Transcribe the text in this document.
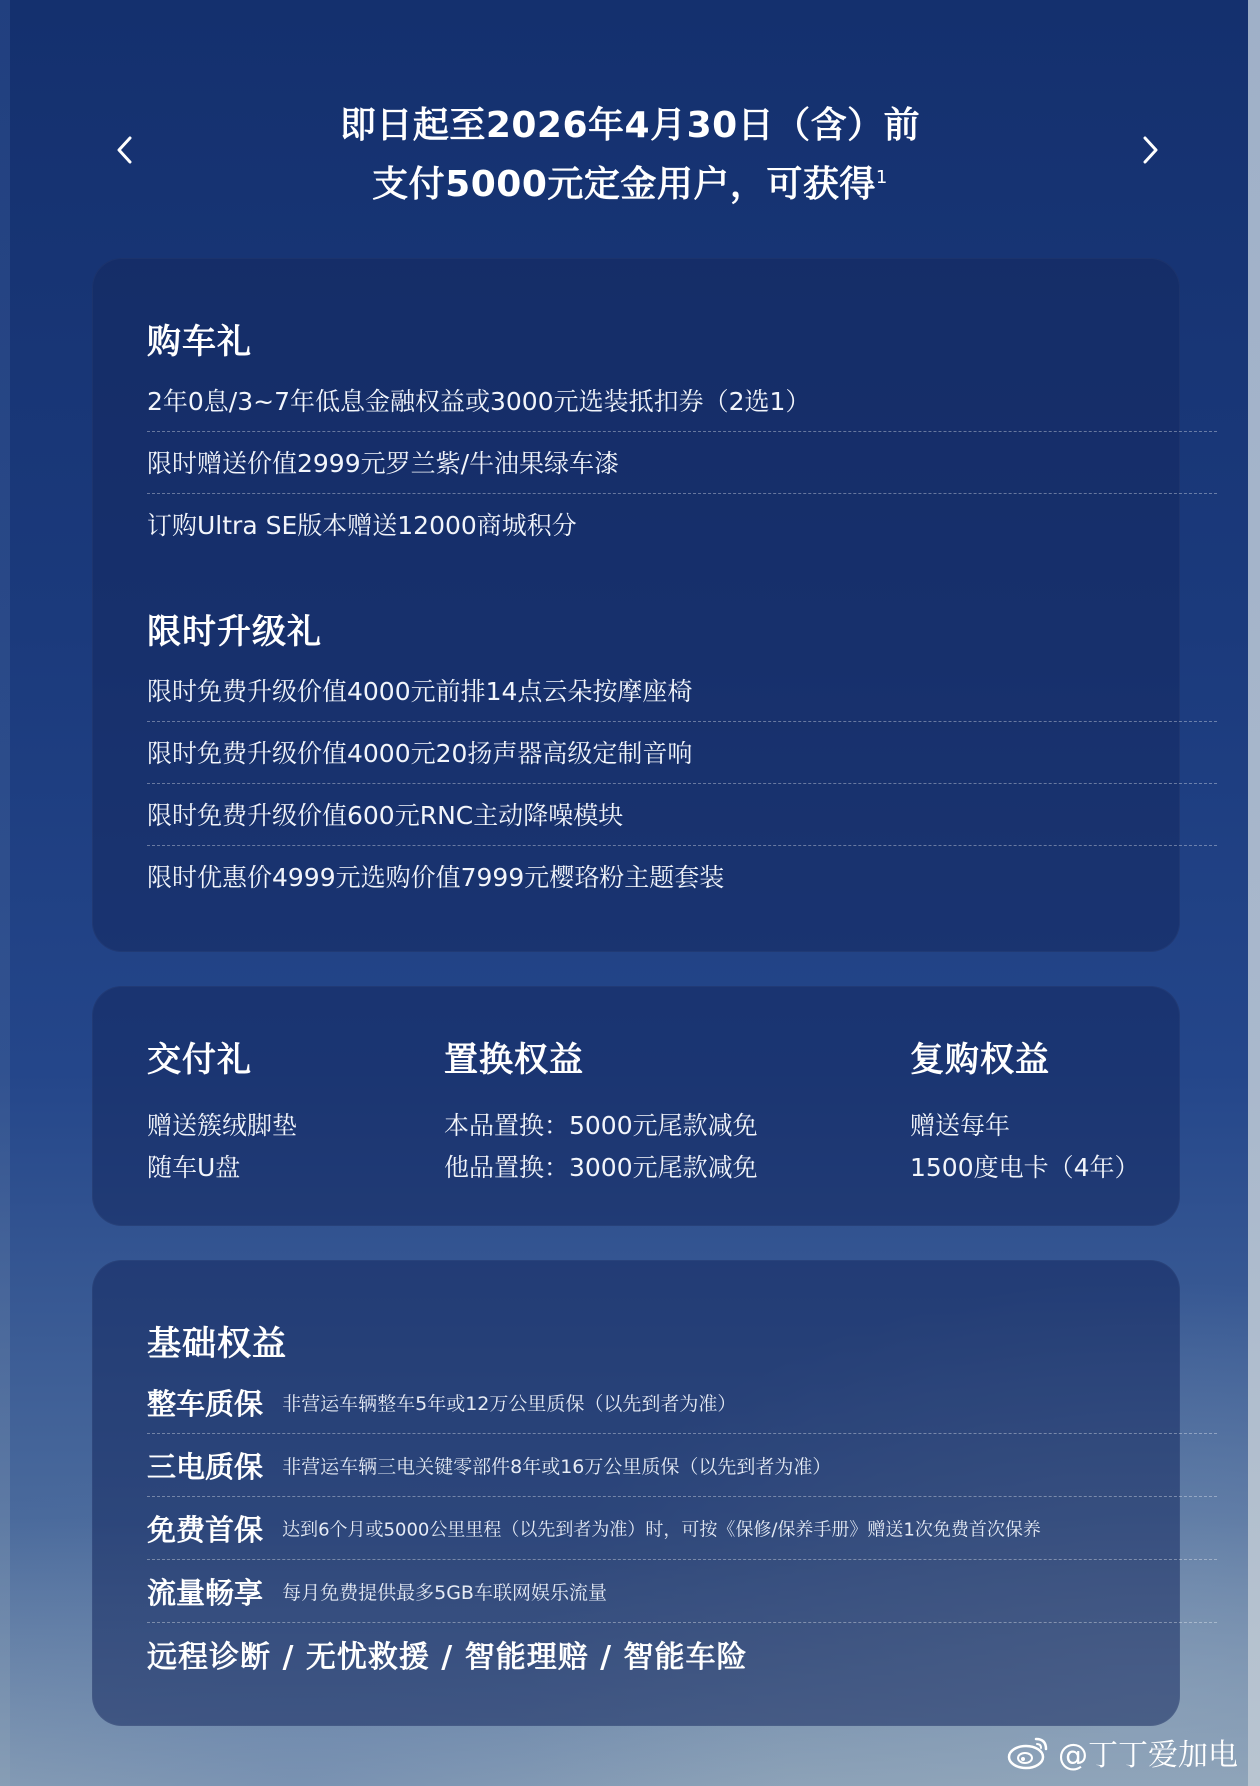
即日起至2026年4月30日（含）前
支付5000元定金用户，可获得$^1$
购车礼
2年0息/3~7年低息金融权益或3000元选装抵扣券（2选1）
限时赠送价值2999元罗兰紫/牛油果绿车漆
订购Ultra SE版本赠送12000商城积分
限时升级礼
限时免费升级价值4000元前排14点云朵按摩座椅
限时免费升级价值4000元20扬声器高级定制音响
限时免费升级价值600元RNC主动降噪模块
限时优惠价4999元选购价值7999元樱珞粉主题套装
交付礼
赠送簇绒脚垫
随车U盘
置换权益
本品置换：5000元尾款减免
他品置换：3000元尾款减免
复购权益
赠送每年
1500度电卡（4年）
基础权益
整车质保 非营运车辆整车5年或12万公里质保（以先到者为准）
三电质保 非营运车辆三电关键零部件8年或16万公里质保（以先到者为准）
免费首保 达到6个月或5000公里里程（以先到者为准）时，可按《保修/保养手册》赠送1次免费首次保养
流量畅享 每月免费提供最多5GB车联网娱乐流量
远程诊断 / 无忧救援 / 智能理赔 / 智能车险
@丁丁爱加电
